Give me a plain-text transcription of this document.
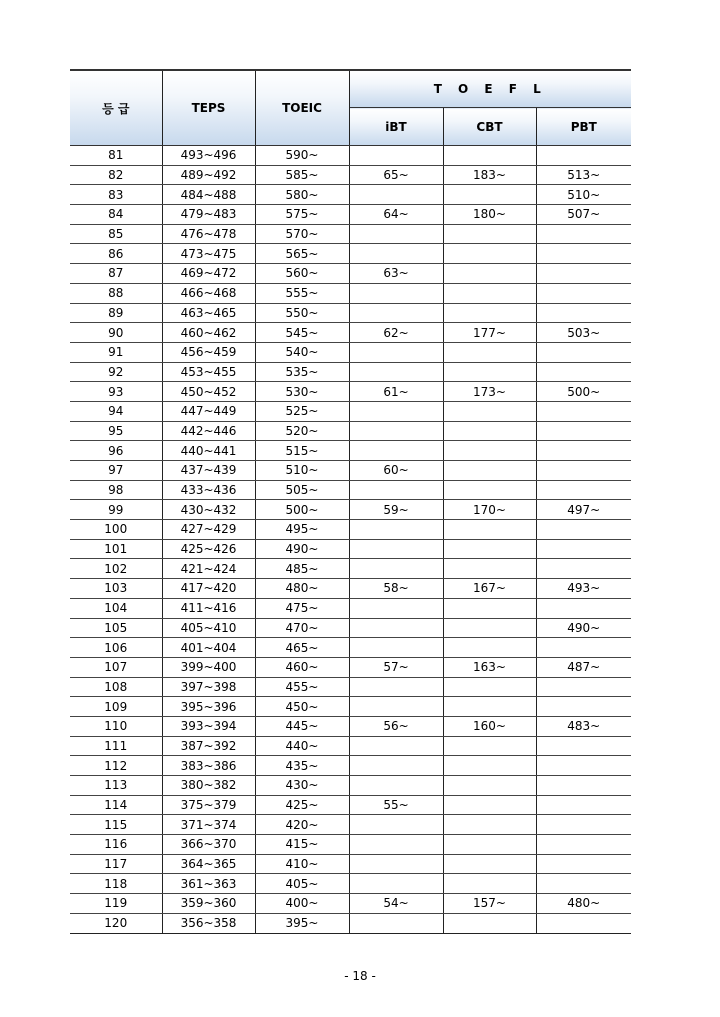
등 급	TEPS	TOEIC	T O E F L		
			iBT	CBT	PBT
81	493~496	590~			
82	489~492	585~	65~	183~	513~
83	484~488	580~			510~
84	479~483	575~	64~	180~	507~
85	476~478	570~			
86	473~475	565~			
87	469~472	560~	63~		
88	466~468	555~			
89	463~465	550~			
90	460~462	545~	62~	177~	503~
91	456~459	540~			
92	453~455	535~			
93	450~452	530~	61~	173~	500~
94	447~449	525~			
95	442~446	520~			
96	440~441	515~			
97	437~439	510~	60~		
98	433~436	505~			
99	430~432	500~	59~	170~	497~
100	427~429	495~			
101	425~426	490~			
102	421~424	485~			
103	417~420	480~	58~	167~	493~
104	411~416	475~			
105	405~410	470~			490~
106	401~404	465~			
107	399~400	460~	57~	163~	487~
108	397~398	455~			
109	395~396	450~			
110	393~394	445~	56~	160~	483~
111	387~392	440~			
112	383~386	435~			
113	380~382	430~			
114	375~379	425~	55~		
115	371~374	420~			
116	366~370	415~			
117	364~365	410~			
118	361~363	405~			
119	359~360	400~	54~	157~	480~
120	356~358	395~			
- 18 -
